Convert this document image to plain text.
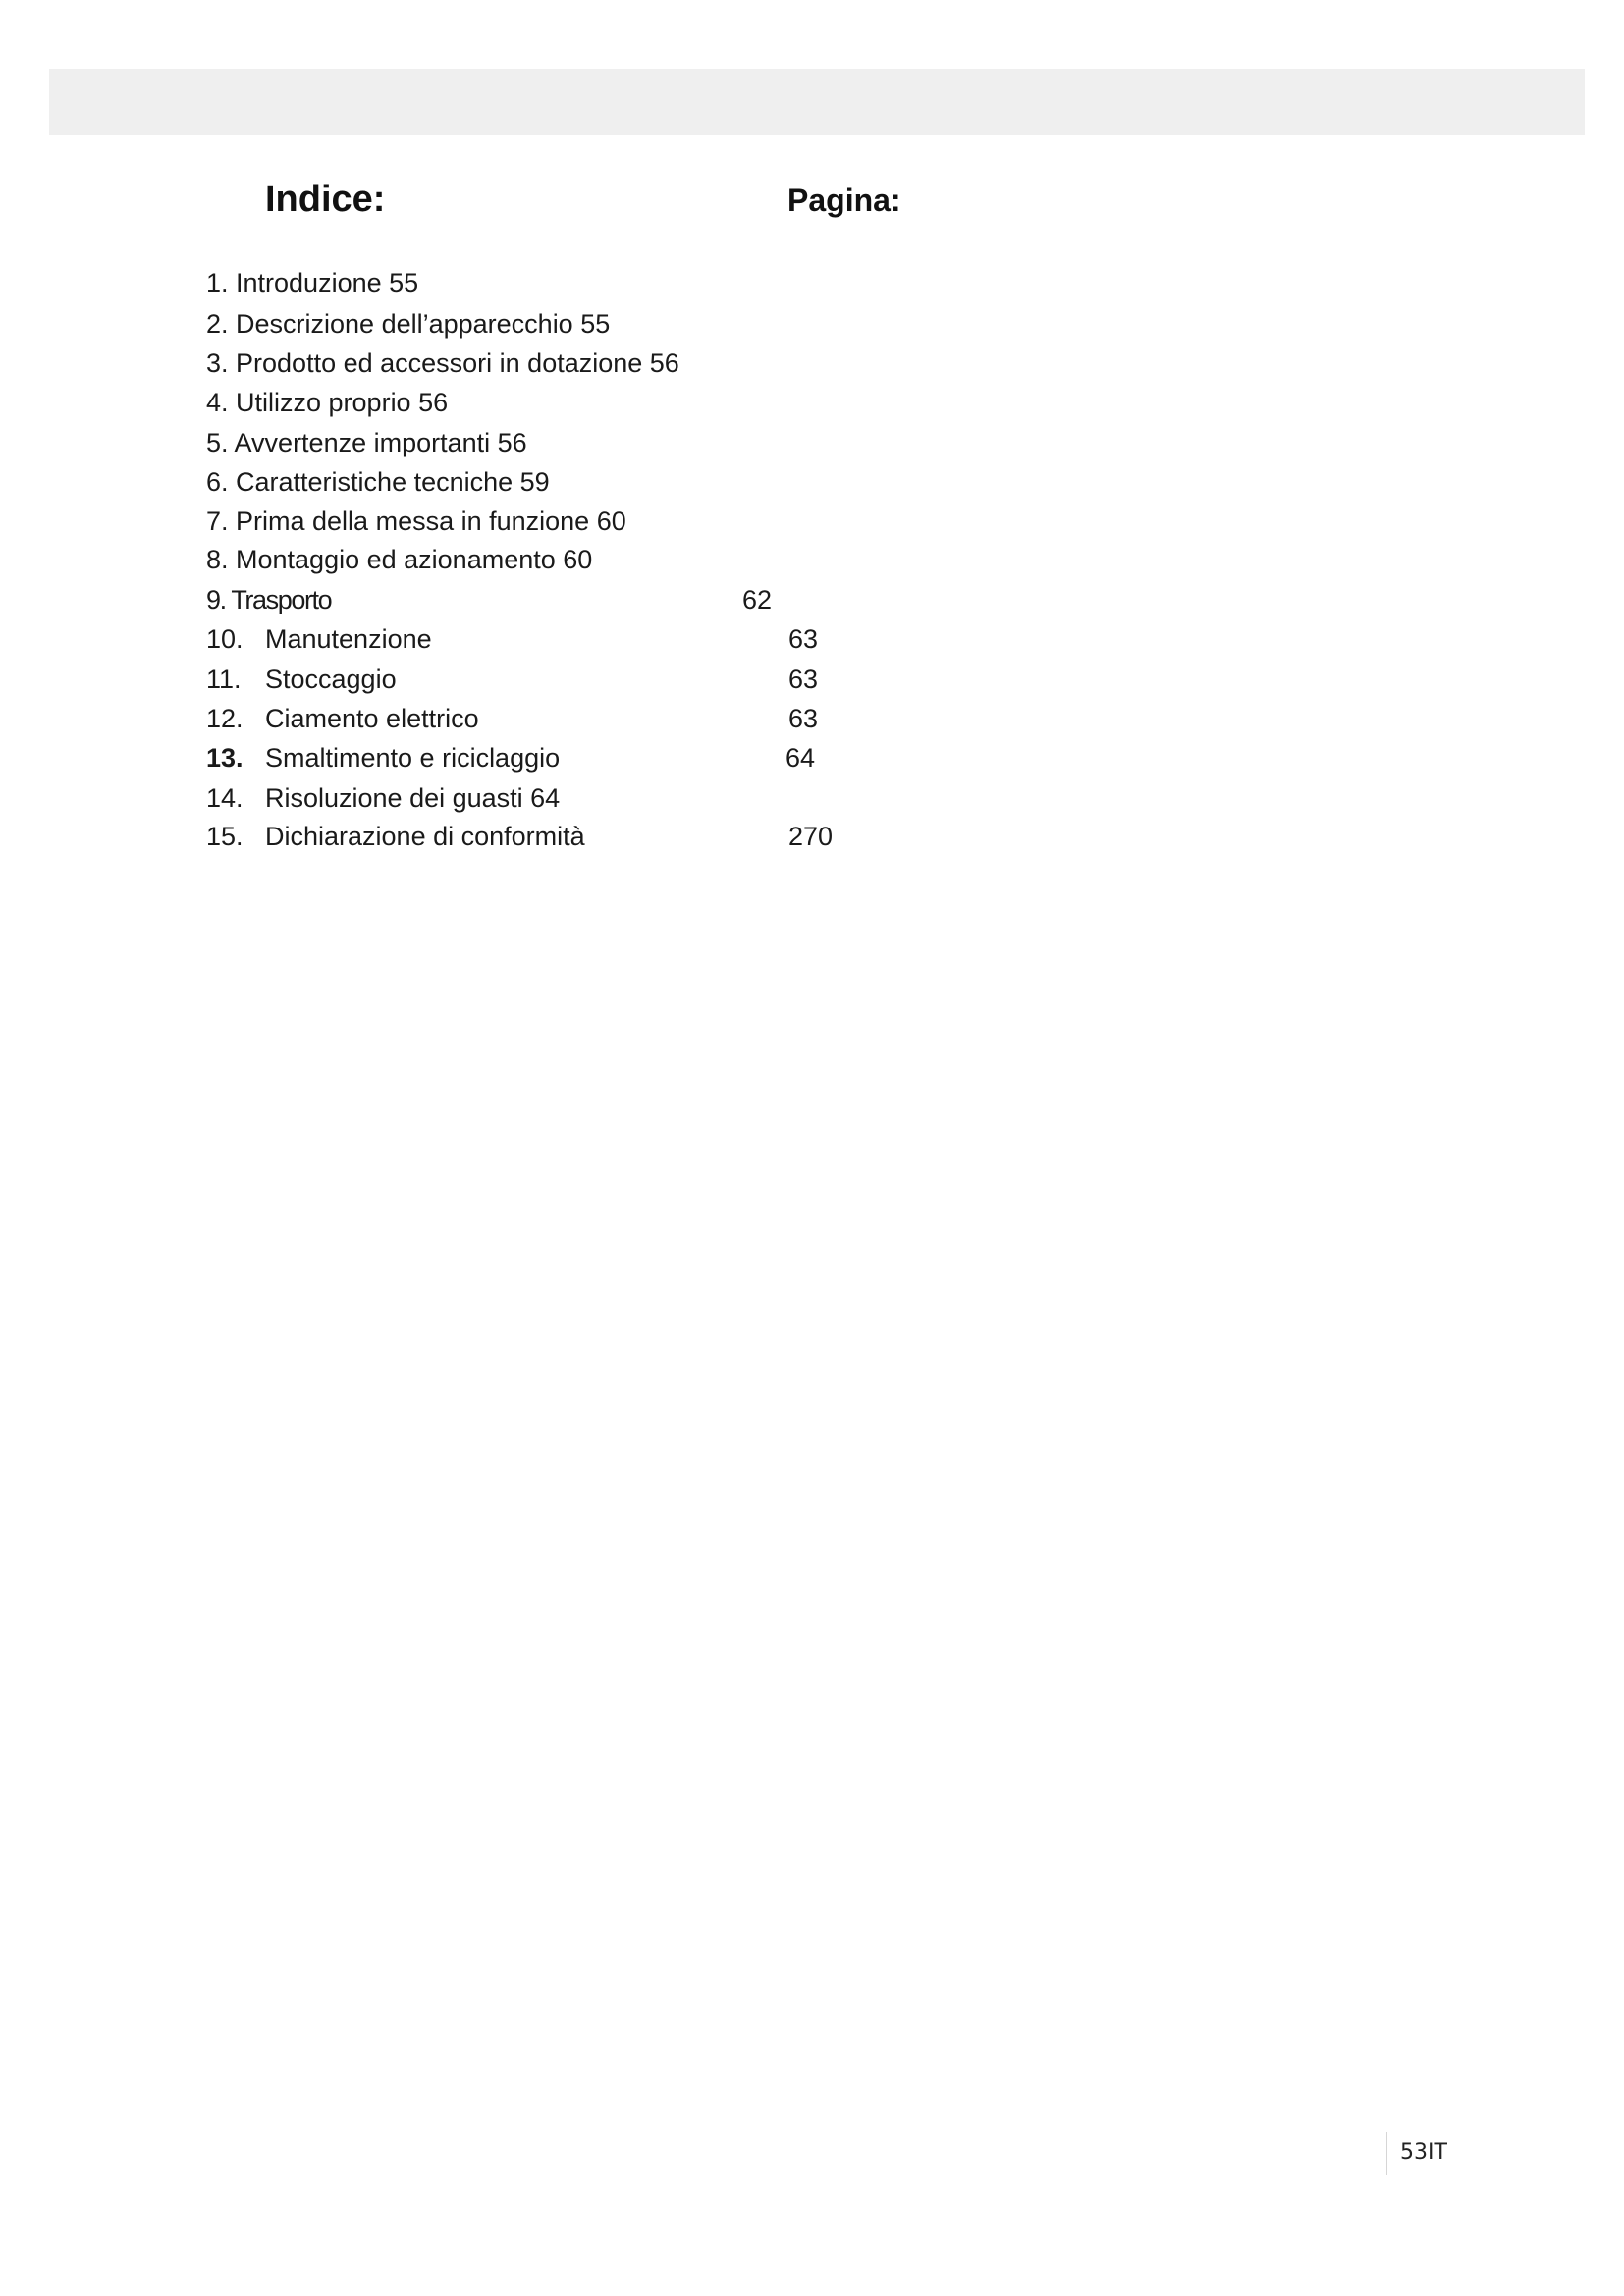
Indice:	Pagina:
1. Introduzione 55
2. Descrizione dell’apparecchio 55
3. Prodotto ed accessori in dotazione 56
4. Utilizzo proprio 56
5. Avvertenze importanti 56
6. Caratteristiche tecniche 59
7. Prima della messa in funzione 60
8. Montaggio ed azionamento 60
9. Trasporto	62
10. Manutenzione	63
11. Stoccaggio	63
12. Ciamento elettrico	63
13. Smaltimento e riciclaggio	64
14. Risoluzione dei guasti 64
15. Dichiarazione di conformità	270
53IT
